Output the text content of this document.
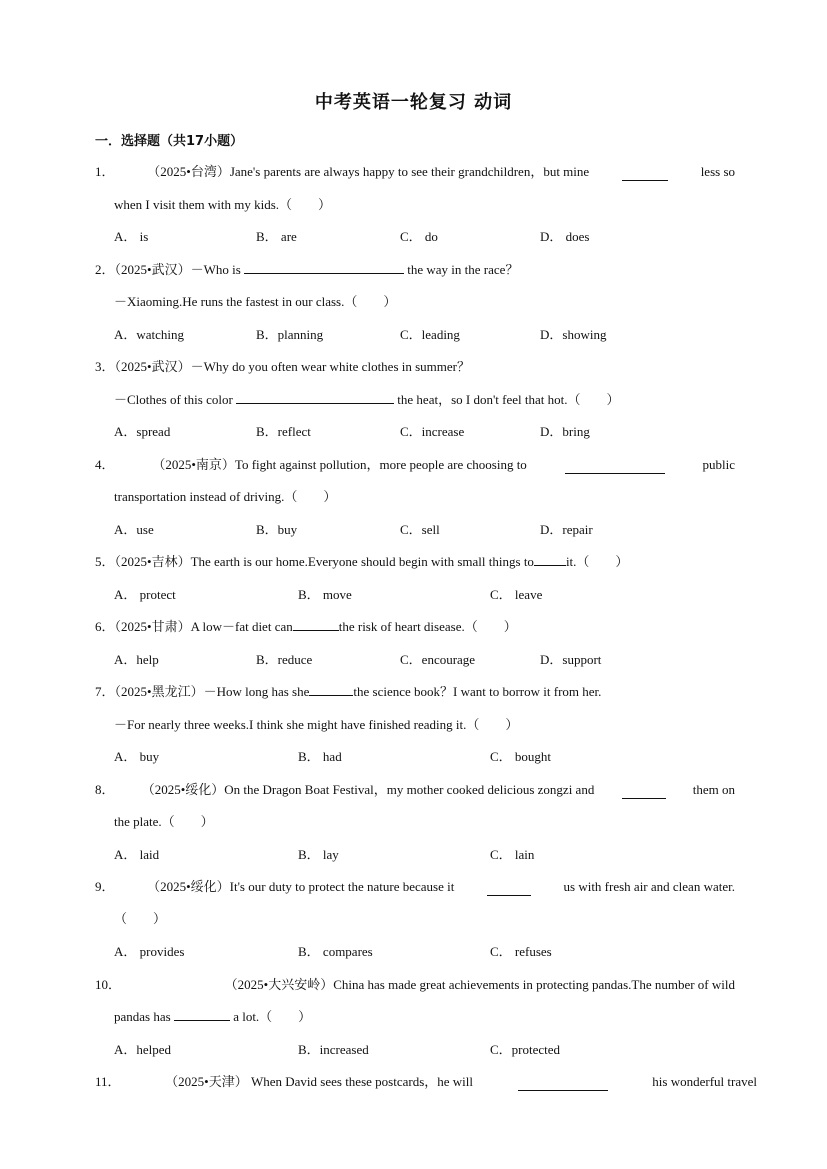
中考英语一轮复习 动词
一．选择题（共17小题）
1．	（2025•台湾）Jane's parents are always happy to see their grandchildren，but mine	less so
when I visit them with my kids.（　　）
A． is	B． are	C． do	D． does
2．（2025•武汉）－Who is	the way in the race？
－Xiaoming.He runs the fastest in our class.（　　）
A．watching	B．planning	C．leading	D．showing
3．（2025•武汉）－Why do you often wear white clothes in summer？
－Clothes of this color	the heat，so I don't feel that hot.（　　）
A．spread	B．reflect	C．increase	D．bring
4．	（2025•南京）To fight against pollution，more people are choosing to	public
transportation instead of driving.（　　）
A．use	B．buy	C．sell	D．repair
5．（2025•吉林）The earth is our home.Everyone should begin with small things to it.（　　）
A． protect	B． move	C． leave
6．（2025•甘肃）A low－fat diet can	the risk of heart disease.（　　）
A．help	B．reduce	C．encourage	D．support
7．（2025•黑龙江）－How long has she	the science book？I want to borrow it from her.
－For nearly three weeks.I think she might have finished reading it.（　　）
A． buy	B． had	C． bought
8． （2025•绥化）On the Dragon Boat Festival，my mother cooked delicious zongzi and	them on
the plate.（　　）
A． laid	B． lay	C． lain
9．	（2025•绥化）It's our duty to protect the nature because it	us with fresh air and clean water.
（　　）
A． provides	B． compares	C． refuses
10．	（2025•大兴安岭）China has made great achievements in protecting pandas.The number of wild
pandas has	a lot.（　　）
A．helped	B．increased	C．protected
11．	（2025•天津） When David sees these postcards，he will	his wonderful travel
